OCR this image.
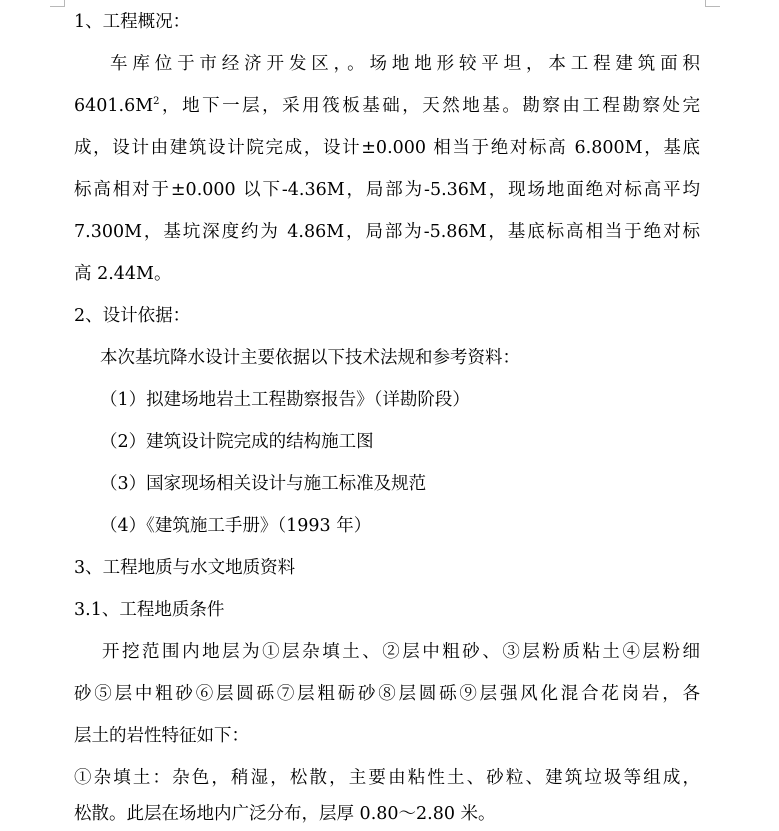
1、工程概况：
车库位于市经济开发区，。场地地形较平坦，本工程建筑面积
$6401.6M^2$，地下一层，采用筏板基础，天然地基。勘察由工程勘察处完
成，设计由建筑设计院完成，设计±0.000 相当于绝对标高 6.800M，基底
标高相对于±0.000 以下-4.36M，局部为-5.36M，现场地面绝对标高平均
7.300M，基坑深度约为 4.86M，局部为-5.86M，基底标高相当于绝对标
高 2.44M。
2、设计依据：
本次基坑降水设计主要依据以下技术法规和参考资料：
（1）拟建场地岩土工程勘察报告》（详勘阶段）
（2）建筑设计院完成的结构施工图
（3）国家现场相关设计与施工标准及规范
（4）《建筑施工手册》（1993 年）
3、工程地质与水文地质资料
3.1、工程地质条件
开挖范围内地层为①层杂填土、②层中粗砂、③层粉质粘土④层粉细
砂⑤层中粗砂⑥层圆砾⑦层粗砺砂⑧层圆砾⑨层强风化混合花岗岩，各
层土的岩性特征如下：
①杂填土：杂色，稍湿，松散，主要由粘性土、砂粒、建筑垃圾等组成，
松散。此层在场地内广泛分布，层厚 0.80～2.80 米。
